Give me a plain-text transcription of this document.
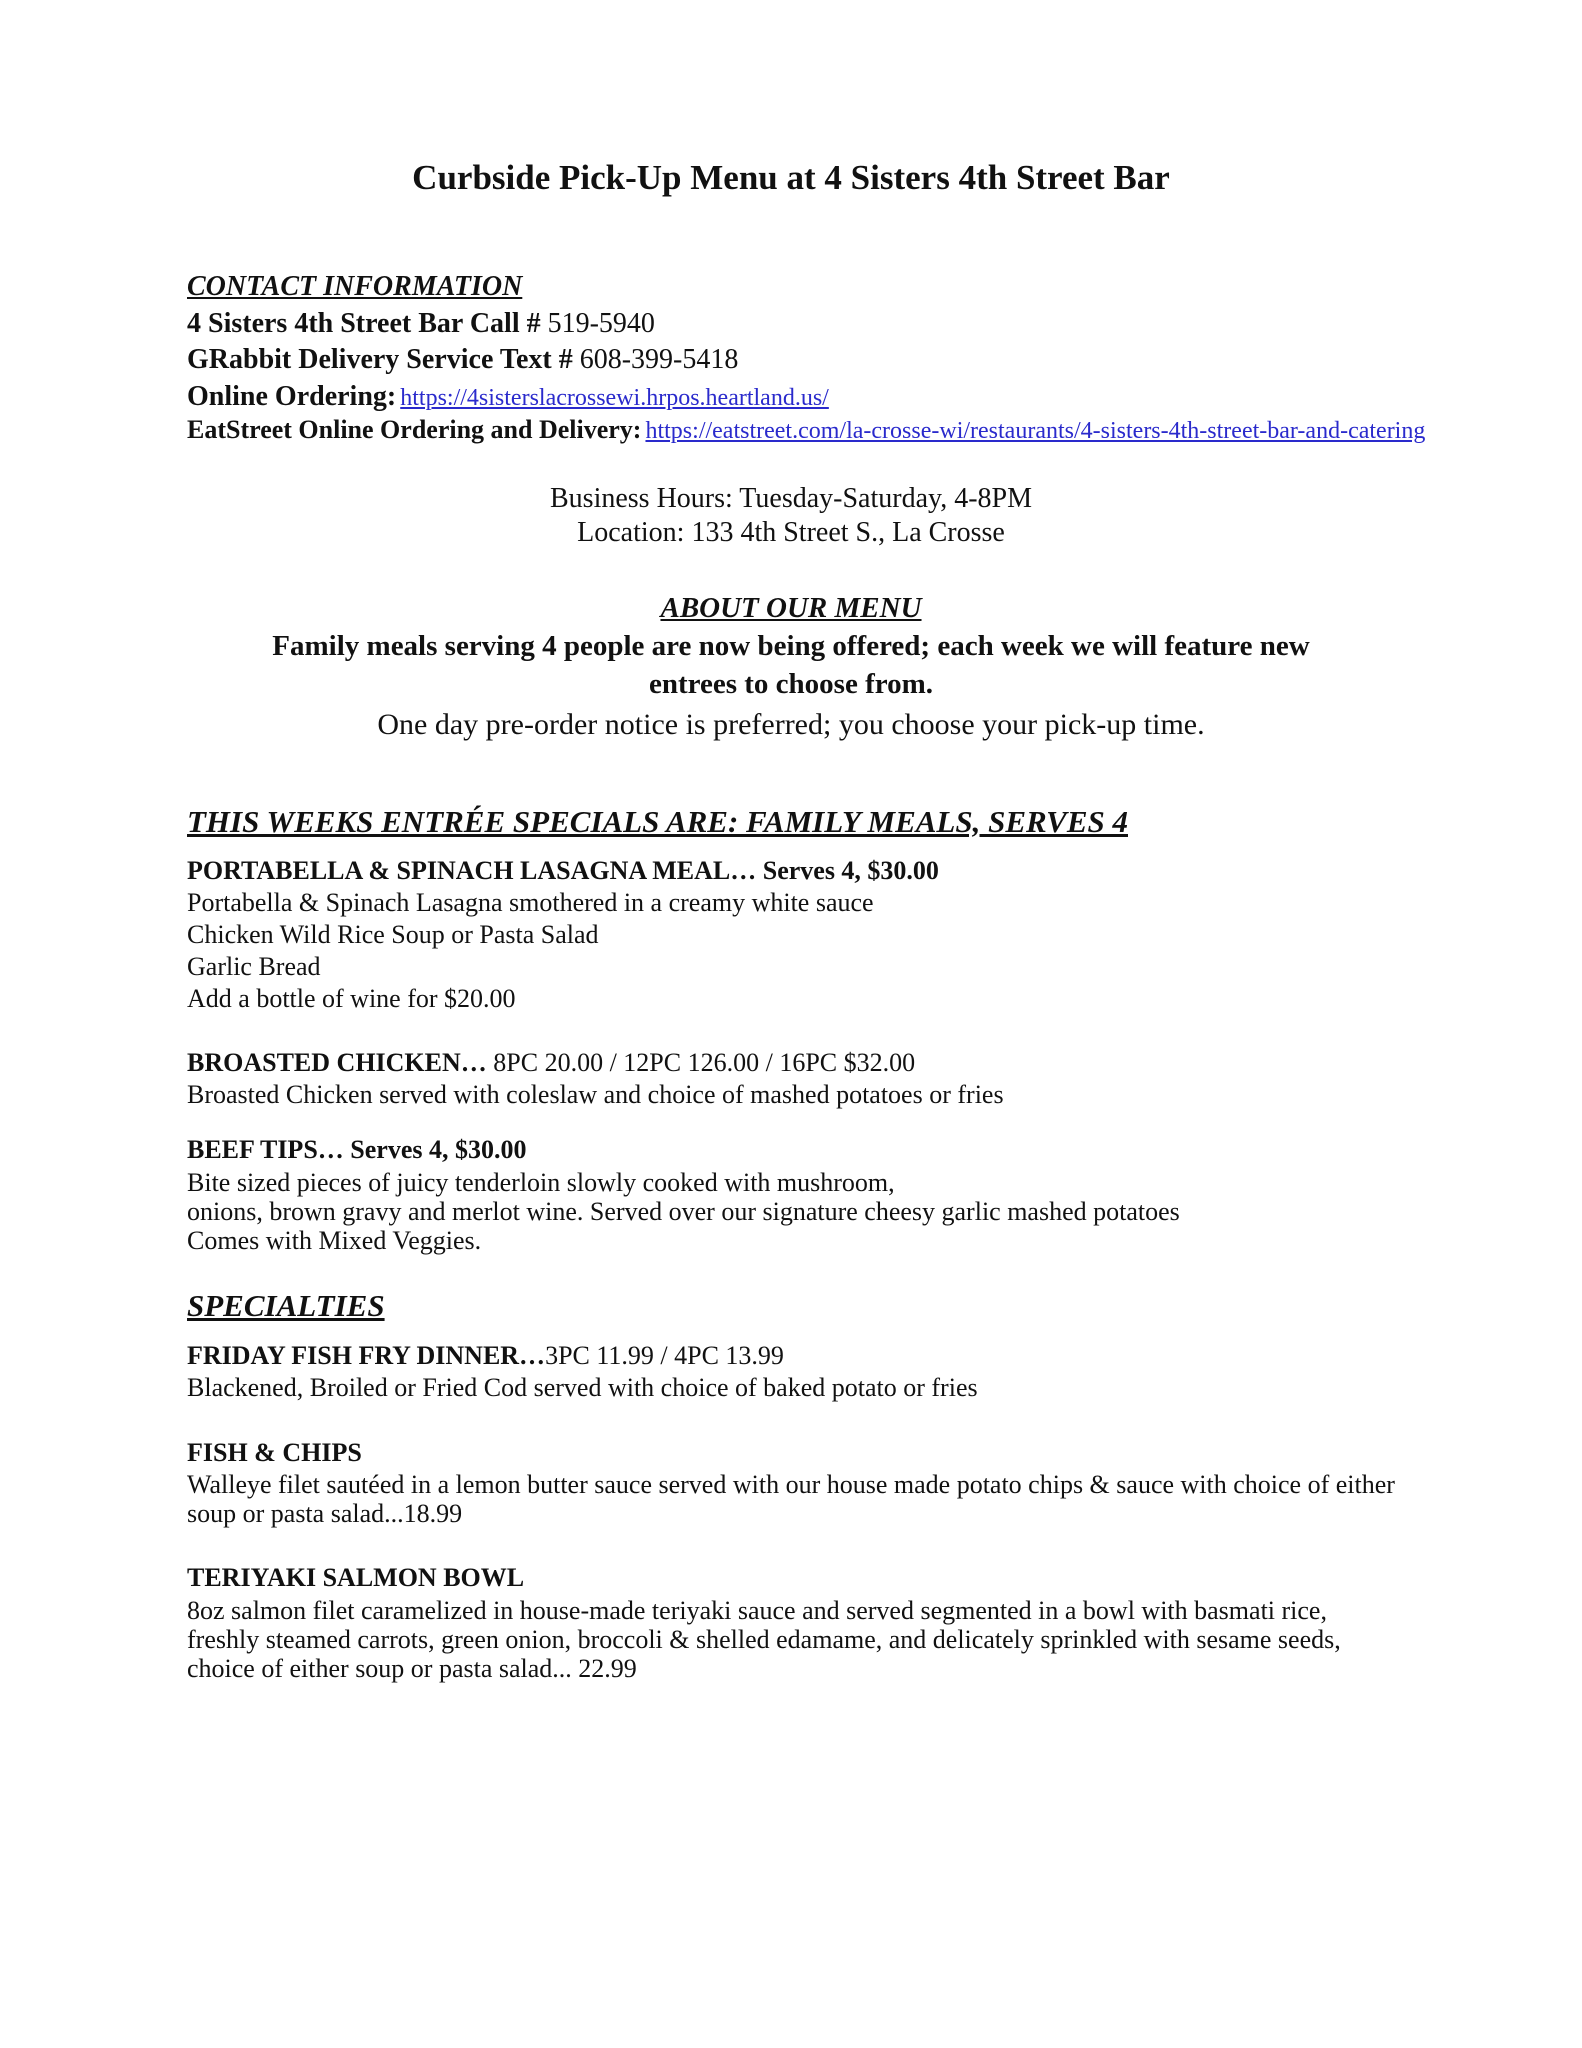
Curbside Pick-Up Menu at 4 Sisters 4th Street Bar
CONTACT INFORMATION
4 Sisters 4th Street Bar Call # 519-5940
GRabbit Delivery Service Text # 608-399-5418
Online Ordering: https://4sisterslacrossewi.hrpos.heartland.us/
EatStreet Online Ordering and Delivery: https://eatstreet.com/la-crosse-wi/restaurants/4-sisters-4th-street-bar-and-catering
Business Hours: Tuesday-Saturday, 4-8PM
Location: 133 4th Street S., La Crosse
ABOUT OUR MENU
Family meals serving 4 people are now being offered; each week we will feature new
entrees to choose from.
One day pre-order notice is preferred; you choose your pick-up time.
THIS WEEKS ENTRÉE SPECIALS ARE: FAMILY MEALS, SERVES 4
PORTABELLA & SPINACH LASAGNA MEAL… Serves 4, $30.00
Portabella & Spinach Lasagna smothered in a creamy white sauce
Chicken Wild Rice Soup or Pasta Salad
Garlic Bread
Add a bottle of wine for $20.00
BROASTED CHICKEN… 8PC 20.00 / 12PC 126.00 / 16PC $32.00
Broasted Chicken served with coleslaw and choice of mashed potatoes or fries
BEEF TIPS… Serves 4, $30.00
Bite sized pieces of juicy tenderloin slowly cooked with mushroom,
onions, brown gravy and merlot wine. Served over our signature cheesy garlic mashed potatoes
Comes with Mixed Veggies.
SPECIALTIES
FRIDAY FISH FRY DINNER…3PC 11.99 / 4PC 13.99
Blackened, Broiled or Fried Cod served with choice of baked potato or fries
FISH & CHIPS
Walleye filet sautéed in a lemon butter sauce served with our house made potato chips & sauce with choice of either
soup or pasta salad...18.99
TERIYAKI SALMON BOWL
8oz salmon filet caramelized in house-made teriyaki sauce and served segmented in a bowl with basmati rice,
freshly steamed carrots, green onion, broccoli & shelled edamame, and delicately sprinkled with sesame seeds,
choice of either soup or pasta salad... 22.99
